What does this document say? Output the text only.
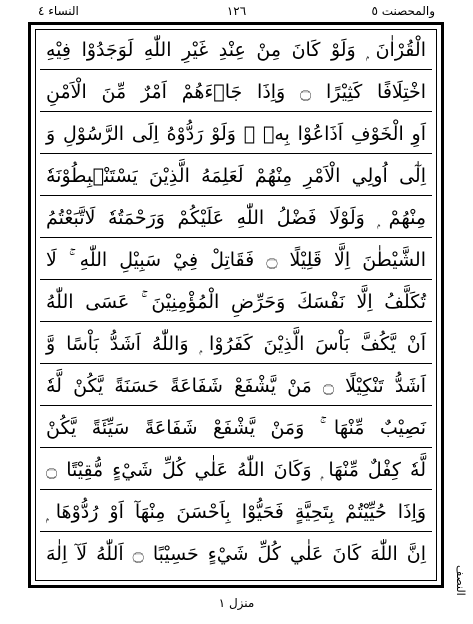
النساء ٤	١٢٦	والمحصنت ٥
الْقُرْاٰنَ ۭ وَلَوْ كَانَ مِنْ عِنْدِ غَيْرِ اللّٰهِ لَوَجَدُوْا فِيْهِ
اخْتِلَافًا كَثِيْرًا ۝ وَاِذَا جَاۗءَھُمْ اَمْرٌ مِّنَ الْاَمْنِ
اَوِ الْخَوْفِ اَذَاعُوْا بِهٖ ۭ وَلَوْ رَدُّوْهُ اِلَى الرَّسُوْلِ وَ
اِلٰٓى اُولِي الْاَمْرِ مِنْھُمْ لَعَلِمَهُ الَّذِيْنَ يَسْتَنْۢبِطُوْنَهٗ
مِنْھُمْ ۭ وَلَوْلَا فَضْلُ اللّٰهِ عَلَيْكُمْ وَرَحْمَتُهٗ لَاتَّبَعْتُمُ
الشَّيْطٰنَ اِلَّا قَلِيْلًا ۝ فَقَاتِلْ فِيْ سَبِيْلِ اللّٰهِ ۚ لَا
تُكَلَّفُ اِلَّا نَفْسَكَ وَحَرِّضِ الْمُؤْمِنِيْنَ ۚ عَسَى اللّٰهُ
اَنْ يَّكُفَّ بَاْسَ الَّذِيْنَ كَفَرُوْا ۭ وَاللّٰهُ اَشَدُّ بَاْسًا وَّ
اَشَدُّ تَنْكِيْلًا ۝ مَنْ يَّشْفَعْ شَفَاعَةً حَسَنَةً يَّكُنْ لَّهٗ
نَصِيْبٌ مِّنْھَا ۚ وَمَنْ يَّشْفَعْ شَفَاعَةً سَيِّئَةً يَّكُنْ
لَّهٗ كِفْلٌ مِّنْھَا ۭ وَكَانَ اللّٰهُ عَلٰي كُلِّ شَيْءٍ مُّقِيْتًا ۝
وَاِذَا حُيِّيْتُمْ بِتَحِيَّةٍ فَحَيُّوْا بِاَحْسَنَ مِنْھَآ اَوْ رُدُّوْھَا ۭ
اِنَّ اللّٰهَ كَانَ عَلٰي كُلِّ شَيْءٍ حَسِيْبًا ۝ اَللّٰهُ لَآ اِلٰهَ
النصف
منزل ١
